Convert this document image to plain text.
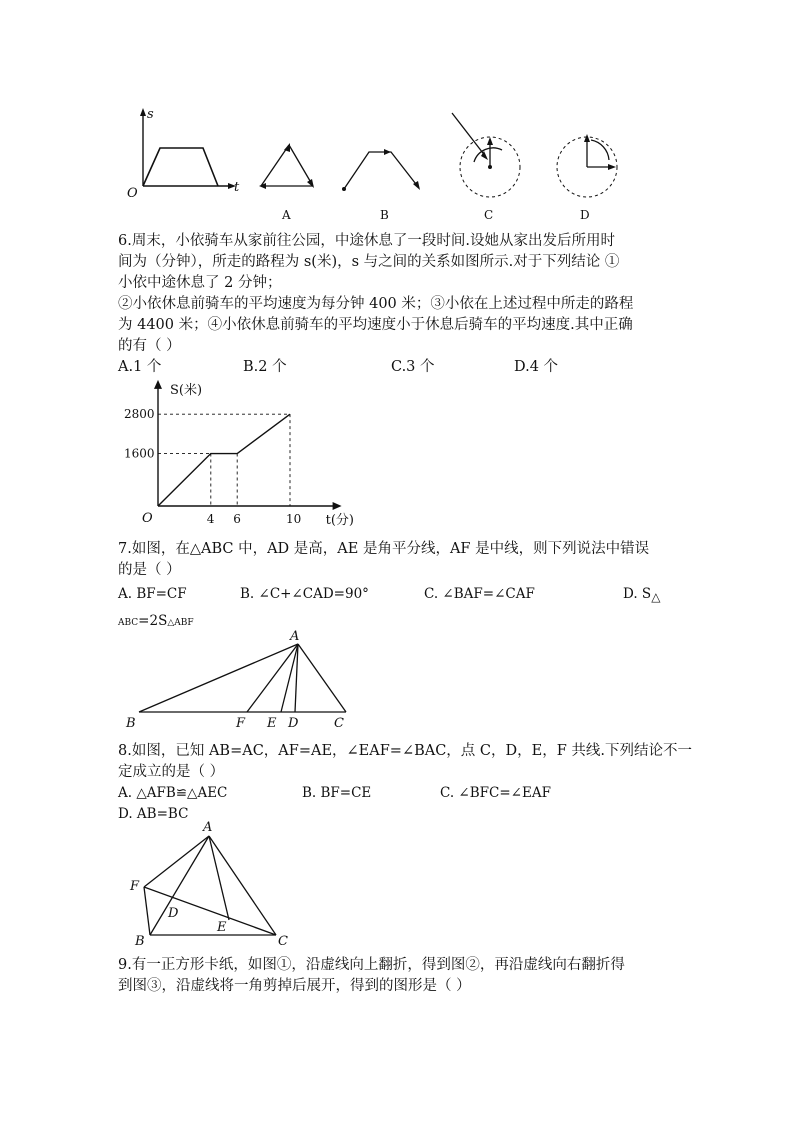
s
t
O
A	B	C	D
6.周末，小依骑车从家前往公园，中途休息了一段时间.设她从家出发后所用时
间为（分钟），所走的路程为 s(米)，s 与之间的关系如图所示.对于下列结论 ①
小依中途休息了 2 分钟；
②小依休息前骑车的平均速度为每分钟 400 米；③小依在上述过程中所走的路程
为 4400 米；④小依休息前骑车的平均速度小于休息后骑车的平均速度.其中正确
的有（ ）
A.1 个	B.2 个	C.3 个	D.4 个
4 6	10
1600
2800
O
S(米)
t(分)
7.如图，在△ABC 中，AD 是高，AE 是角平分线，AF 是中线，则下列说法中错误
的是（ ）
A. BF=CF	B. ∠C+∠CAD=90°	C. ∠BAF=∠CAF	D. S△
ABC=2S△ABF
A
B	F E D	C
8.如图，已知 AB=AC，AF=AE，∠EAF=∠BAC，点 C，D，E，F 共线.下列结论不一
定成立的是（ ）
A. △AFB≌△AEC	B. BF=CE	C. ∠BFC=∠EAF
D. AB=BC
A
F
D
E
B	C
9.有一正方形卡纸，如图①，沿虚线向上翻折，得到图②，再沿虚线向右翻折得
到图③，沿虚线将一角剪掉后展开，得到的图形是（ ）
